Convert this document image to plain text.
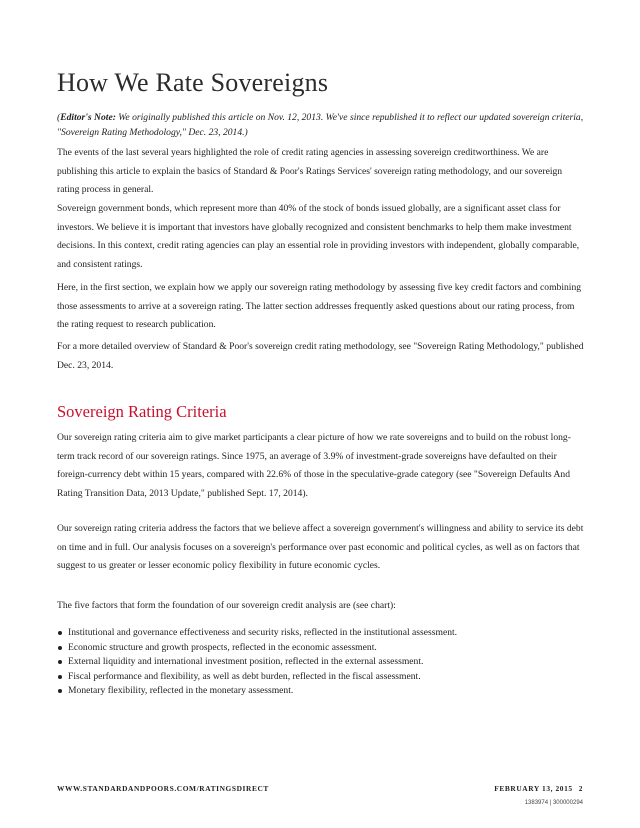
How We Rate Sovereigns
(Editor's Note: We originally published this article on Nov. 12, 2013. We've since republished it to reflect our updated sovereign criteria, "Sovereign Rating Methodology," Dec. 23, 2014.)

The events of the last several years highlighted the role of credit rating agencies in assessing sovereign creditworthiness. We are publishing this article to explain the basics of Standard & Poor's Ratings Services' sovereign rating methodology, and our sovereign rating process in general.

Sovereign government bonds, which represent more than 40% of the stock of bonds issued globally, are a significant asset class for investors. We believe it is important that investors have globally recognized and consistent benchmarks to help them make investment decisions. In this context, credit rating agencies can play an essential role in providing investors with independent, globally comparable, and consistent ratings.

Here, in the first section, we explain how we apply our sovereign rating methodology by assessing five key credit factors and combining those assessments to arrive at a sovereign rating. The latter section addresses frequently asked questions about our rating process, from the rating request to research publication.

For a more detailed overview of Standard & Poor's sovereign credit rating methodology, see "Sovereign Rating Methodology," published Dec. 23, 2014.

Sovereign Rating Criteria

Our sovereign rating criteria aim to give market participants a clear picture of how we rate sovereigns and to build on the robust long-term track record of our sovereign ratings. Since 1975, an average of 3.9% of investment-grade sovereigns have defaulted on their foreign-currency debt within 15 years, compared with 22.6% of those in the speculative-grade category (see "Sovereign Defaults And Rating Transition Data, 2013 Update," published Sept. 17, 2014).

Our sovereign rating criteria address the factors that we believe affect a sovereign government's willingness and ability to service its debt on time and in full. Our analysis focuses on a sovereign's performance over past economic and political cycles, as well as on factors that suggest to us greater or lesser economic policy flexibility in future economic cycles.

The five factors that form the foundation of our sovereign credit analysis are (see chart):

Institutional and governance effectiveness and security risks, reflected in the institutional assessment.
Economic structure and growth prospects, reflected in the economic assessment.
External liquidity and international investment position, reflected in the external assessment.
Fiscal performance and flexibility, as well as debt burden, reflected in the fiscal assessment.
Monetary flexibility, reflected in the monetary assessment.
WWW.STANDARDANDPOORS.COM/RATINGSDIRECT	FEBRUARY 13, 2015 2
1383974 | 300000294
